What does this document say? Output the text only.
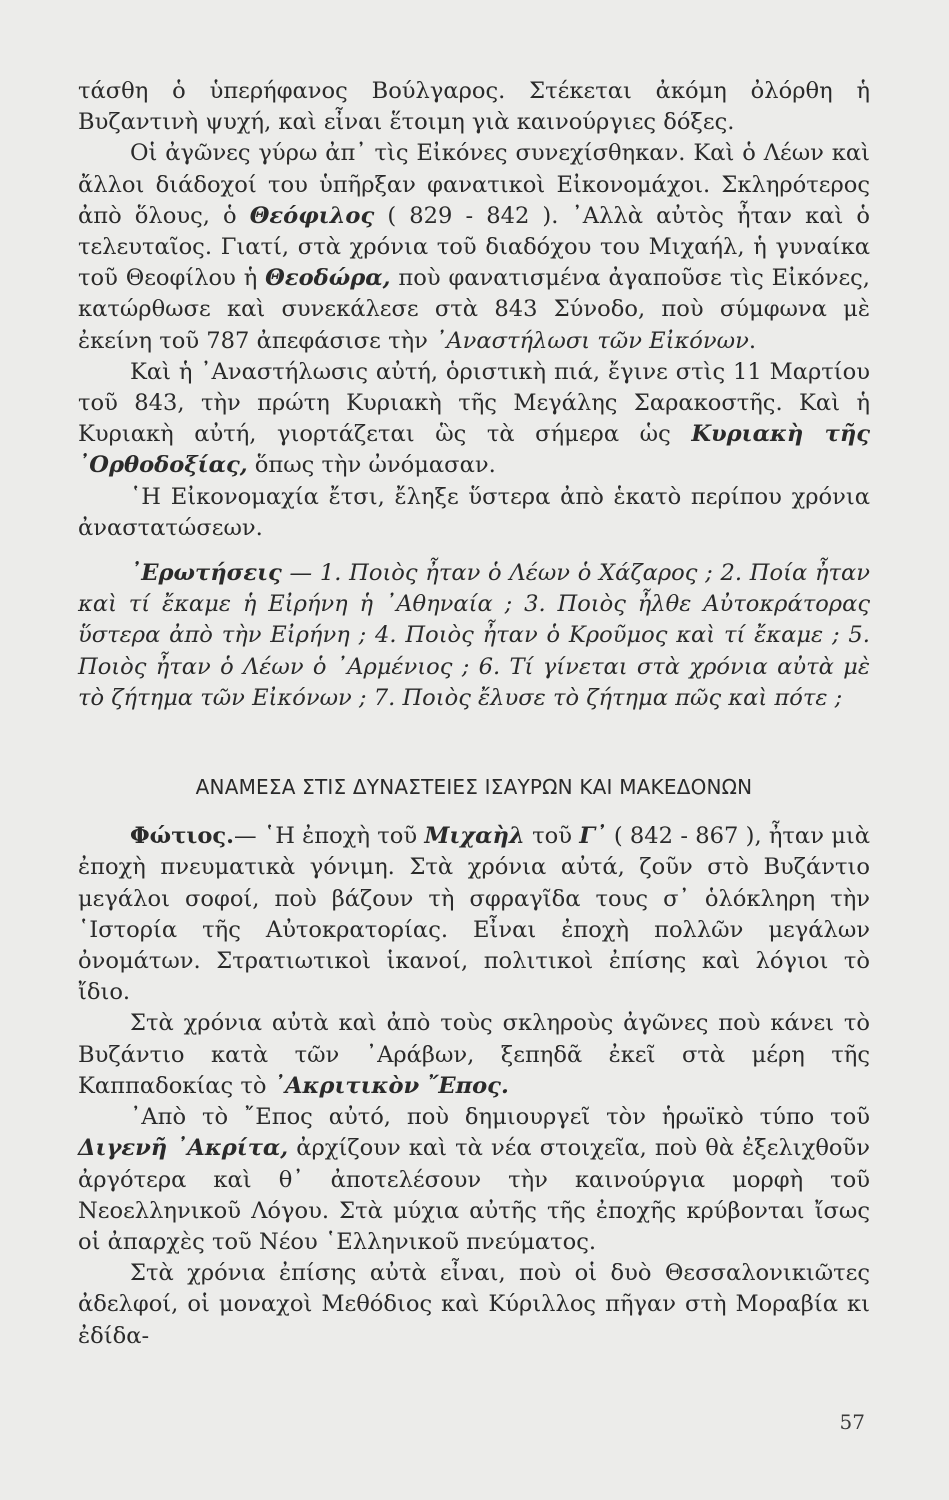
τάσθη ὁ ὑπερήφανος Βούλγαρος. Στέκεται ἀκόμη ὀλόρθη ἡ Βυζαντινὴ ψυχή, καὶ εἶναι ἕτοιμη γιὰ καινούργιες δόξες.

Οἱ ἀγῶνες γύρω ἀπ᾽ τὶς Εἰκόνες συνεχίσθηκαν. Καὶ ὁ Λέων καὶ ἄλλοι διάδοχοί του ὑπῆρξαν φανατικοὶ Εἰκονομάχοι. Σκληρότερος ἀπὸ ὅλους, ὁ Θεόφιλος ( 829 - 842 ). ᾽Αλλὰ αὐτὸς ἦταν καὶ ὁ τελευταῖος. Γιατί, στὰ χρόνια τοῦ διαδόχου του Μιχαήλ, ἡ γυναίκα τοῦ Θεοφίλου ἡ Θεοδώρα, ποὺ φανατισμένα ἀγαποῦσε τὶς Εἰκόνες, κατώρθωσε καὶ συνεκάλεσε στὰ 843 Σύνοδο, ποὺ σύμφωνα μὲ ἐκείνη τοῦ 787 ἀπεφάσισε τὴν ᾽Αναστήλωσι τῶν Εἰκόνων.

Καὶ ἡ ᾽Αναστήλωσις αὐτή, ὁριστικὴ πιά, ἔγινε στὶς 11 Μαρτίου τοῦ 843, τὴν πρώτη Κυριακὴ τῆς Μεγάλης Σαρακοστῆς. Καὶ ἡ Κυριακὴ αὐτή, γιορτάζεται ὣς τὰ σήμερα ὡς Κυριακὴ τῆς ᾽Ορθοδοξίας, ὅπως τὴν ὠνόμασαν.

῾Η Εἰκονομαχία ἔτσι, ἔληξε ὕστερα ἀπὸ ἑκατὸ περίπου χρόνια ἀναστατώσεων.

᾽Ερωτήσεις — 1. Ποιὸς ἦταν ὁ Λέων ὁ Χάζαρος ; 2. Ποία ἦταν καὶ τί ἔκαμε ἡ Εἰρήνη ἡ ᾽Αθηναία ; 3. Ποιὸς ἦλθε Αὐτοκράτορας ὕστερα ἀπὸ τὴν Εἰρήνη ; 4. Ποιὸς ἦταν ὁ Κροῦμος καὶ τί ἔκαμε ; 5. Ποιὸς ἦταν ὁ Λέων ὁ ᾽Αρμένιος ; 6. Τί γίνεται στὰ χρόνια αὐτὰ μὲ τὸ ζήτημα τῶν Εἰκόνων ; 7. Ποιὸς ἔλυσε τὸ ζήτημα πῶς καὶ πότε ;

ΑΝΑΜΕΣΑ ΣΤΙΣ ΔΥΝΑΣΤΕΙΕΣ ΙΣΑΥΡΩΝ ΚΑΙ ΜΑΚΕΔΟΝΩΝ

Φώτιος.— ῾Η ἐποχὴ τοῦ Μιχαὴλ τοῦ Γ᾽ ( 842 - 867 ), ἦταν μιὰ ἐποχὴ πνευματικὰ γόνιμη. Στὰ χρόνια αὐτά, ζοῦν στὸ Βυζάντιο μεγάλοι σοφοί, ποὺ βάζουν τὴ σφραγῖδα τους σ᾽ ὁλόκληρη τὴν ῾Ιστορία τῆς Αὐτοκρατορίας. Εἶναι ἐποχὴ πολλῶν μεγάλων ὀνομάτων. Στρατιωτικοὶ ἱκανοί, πολιτικοὶ ἐπίσης καὶ λόγιοι τὸ ἴδιο.

Στὰ χρόνια αὐτὰ καὶ ἀπὸ τοὺς σκληροὺς ἀγῶνες ποὺ κάνει τὸ Βυζάντιο κατὰ τῶν ᾽Αράβων, ξεπηδᾶ ἐκεῖ στὰ μέρη τῆς Καππαδοκίας τὸ ᾽Ακριτικὸν ῎Επος.

᾽Απὸ τὸ ῎Επος αὐτό, ποὺ δημιουργεῖ τὸν ἡρωϊκὸ τύπο τοῦ Διγενῆ ᾽Ακρίτα, ἀρχίζουν καὶ τὰ νέα στοιχεῖα, ποὺ θὰ ἐξελιχθοῦν ἀργότερα καὶ θ᾽ ἀποτελέσουν τὴν καινούργια μορφὴ τοῦ Νεοελληνικοῦ Λόγου. Στὰ μύχια αὐτῆς τῆς ἐποχῆς κρύβονται ἴσως οἱ ἀπαρχὲς τοῦ Νέου ῾Ελληνικοῦ πνεύματος.

Στὰ χρόνια ἐπίσης αὐτὰ εἶναι, ποὺ οἱ δυὸ Θεσσαλονικιῶτες ἀδελφοί, οἱ μοναχοὶ Μεθόδιος καὶ Κύριλλος πῆγαν στὴ Μοραβία κι ἐδίδα-

57
